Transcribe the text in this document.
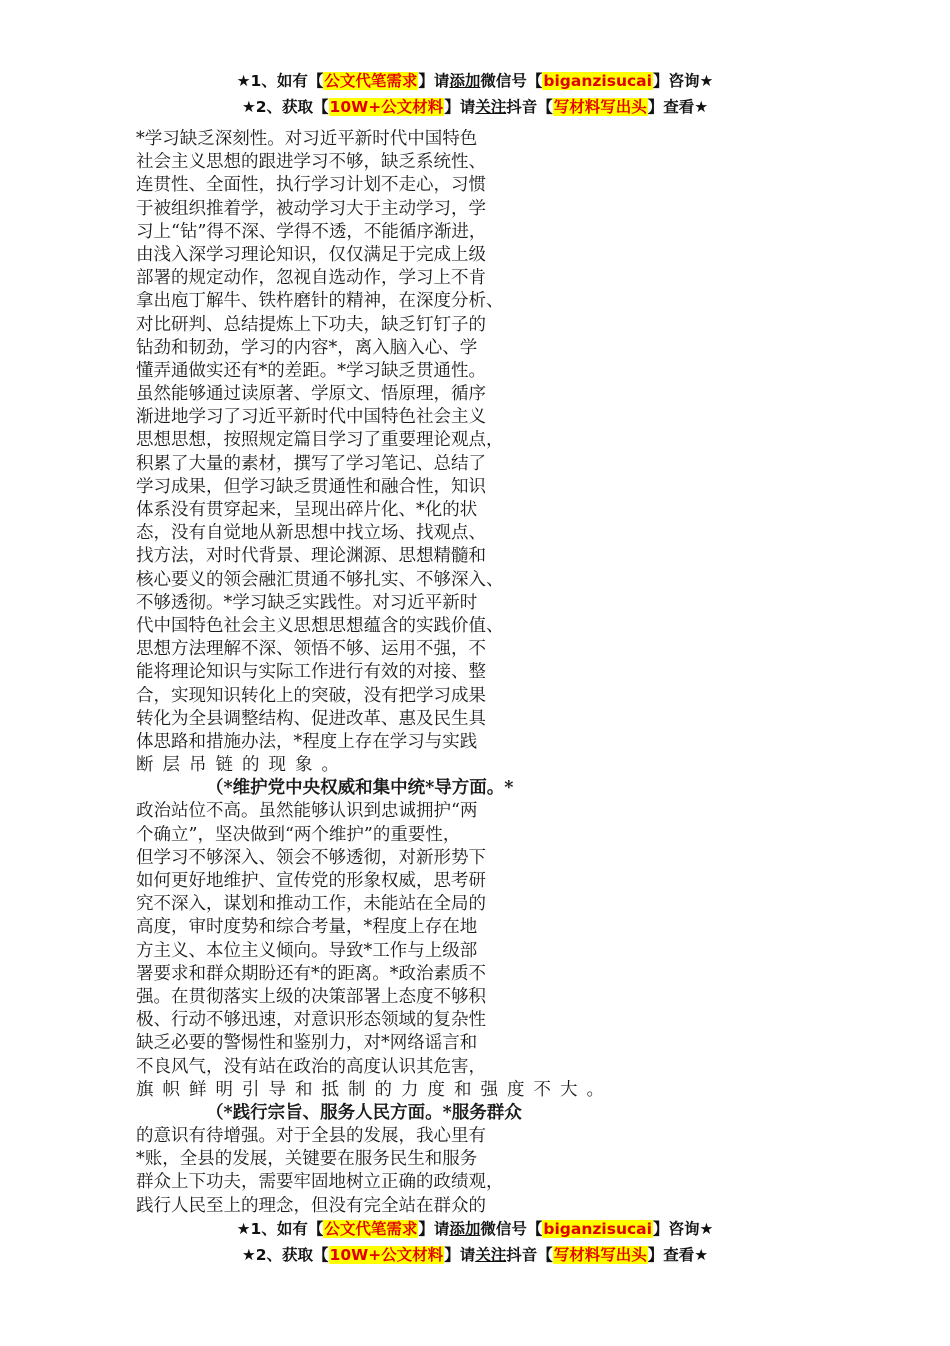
★1、如有【公文代笔需求】请添加微信号【biganzisucai】咨询★
★2、获取【10W+公文材料】请关注抖音【写材料写出头】查看★
*学习缺乏深刻性。对习近平新时代中国特色
社会主义思想的跟进学习不够，缺乏系统性、
连贯性、全面性，执行学习计划不走心，习惯
于被组织推着学，被动学习大于主动学习，学
习上“钻”得不深、学得不透，不能循序渐进，
由浅入深学习理论知识，仅仅满足于完成上级
部署的规定动作，忽视自选动作，学习上不肯
拿出庖丁解牛、铁杵磨针的精神，在深度分析、
对比研判、总结提炼上下功夫，缺乏钉钉子的
钻劲和韧劲，学习的内容*，离入脑入心、学
懂弄通做实还有*的差距。*学习缺乏贯通性。
虽然能够通过读原著、学原文、悟原理，循序
渐进地学习了习近平新时代中国特色社会主义
思想思想，按照规定篇目学习了重要理论观点，
积累了大量的素材，撰写了学习笔记、总结了
学习成果，但学习缺乏贯通性和融合性，知识
体系没有贯穿起来，呈现出碎片化、*化的状
态，没有自觉地从新思想中找立场、找观点、
找方法，对时代背景、理论渊源、思想精髓和
核心要义的领会融汇贯通不够扎实、不够深入、
不够透彻。*学习缺乏实践性。对习近平新时
代中国特色社会主义思想思想蕴含的实践价值、
思想方法理解不深、领悟不够、运用不强，不
能将理论知识与实际工作进行有效的对接、整
合，实现知识转化上的突破，没有把学习成果
转化为全县调整结构、促进改革、惠及民生具
体思路和措施办法，*程度上存在学习与实践
断层吊链的现象。
（*维护党中央权威和集中统*导方面。*
政治站位不高。虽然能够认识到忠诚拥护“两
个确立”，坚决做到“两个维护”的重要性，
但学习不够深入、领会不够透彻，对新形势下
如何更好地维护、宣传党的形象权威，思考研
究不深入，谋划和推动工作，未能站在全局的
高度，审时度势和综合考量，*程度上存在地
方主义、本位主义倾向。导致*工作与上级部
署要求和群众期盼还有*的距离。*政治素质不
强。在贯彻落实上级的决策部署上态度不够积
极、行动不够迅速，对意识形态领域的复杂性
缺乏必要的警惕性和鉴别力，对*网络谣言和
不良风气，没有站在政治的高度认识其危害，
旗帜鲜明引导和抵制的力度和强度不大。
（*践行宗旨、服务人民方面。*服务群众
的意识有待增强。对于全县的发展，我心里有
*账，全县的发展，关键要在服务民生和服务
群众上下功夫，需要牢固地树立正确的政绩观，
践行人民至上的理念，但没有完全站在群众的
★1、如有【公文代笔需求】请添加微信号【biganzisucai】咨询★
★2、获取【10W+公文材料】请关注抖音【写材料写出头】查看★
